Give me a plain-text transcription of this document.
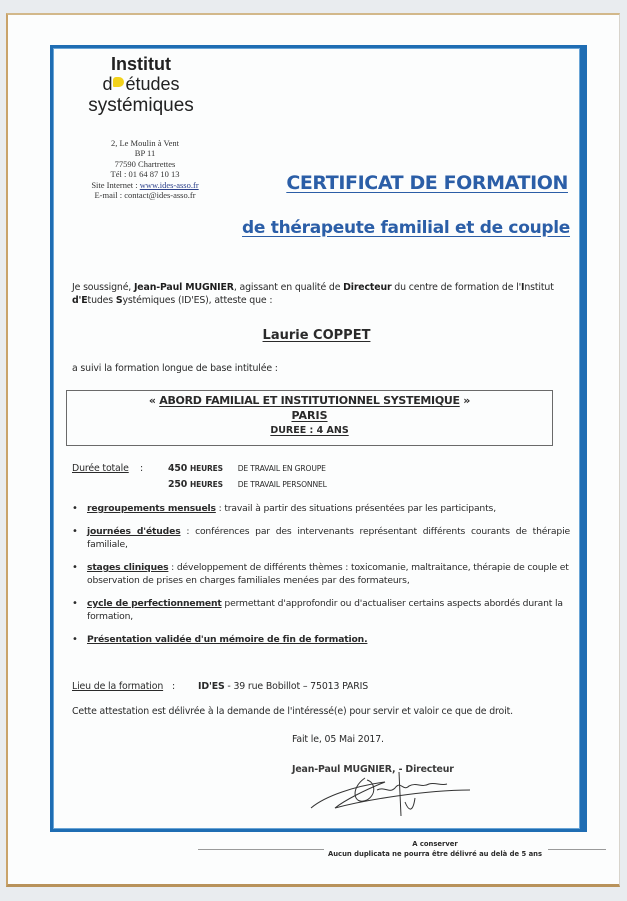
Institut
d études
systémiques
2, Le Moulin à Vent
BP 11
77590 Chartrettes
Tél : 01 64 87 10 13
Site Internet : www.ides-asso.fr
E-mail : contact@ides-asso.fr
CERTIFICAT DE FORMATION
de thérapeute familial et de couple
Je soussigné, Jean-Paul MUGNIER, agissant en qualité de Directeur du centre de formation de l'Institut d'Etudes Systémiques (ID'ES), atteste que :
Laurie COPPET
a suivi la formation longue de base intitulée :
« ABORD FAMILIAL ET INSTITUTIONNEL SYSTEMIQUE »
PARIS
DUREE : 4 ANS
Durée totale :	450 HEURES DE TRAVAIL EN GROUPE
250 HEURES DE TRAVAIL PERSONNEL
• regroupements mensuels : travail à partir des situations présentées par les participants,
• journées d'études : conférences par des intervenants représentant différents courants de thérapie familiale,
• stages cliniques : développement de différents thèmes : toxicomanie, maltraitance, thérapie de couple et observation de prises en charges familiales menées par des formateurs,
• cycle de perfectionnement permettant d'approfondir ou d'actualiser certains aspects abordés durant la formation,
• Présentation validée d'un mémoire de fin de formation.
Lieu de la formation : ID'ES - 39 rue Bobillot – 75013 PARIS
Cette attestation est délivrée à la demande de l'intéressé(e) pour servir et valoir ce que de droit.
Fait le, 05 Mai 2017.
Jean-Paul MUGNIER, - Directeur
A conserver
Aucun duplicata ne pourra être délivré au delà de 5 ans
